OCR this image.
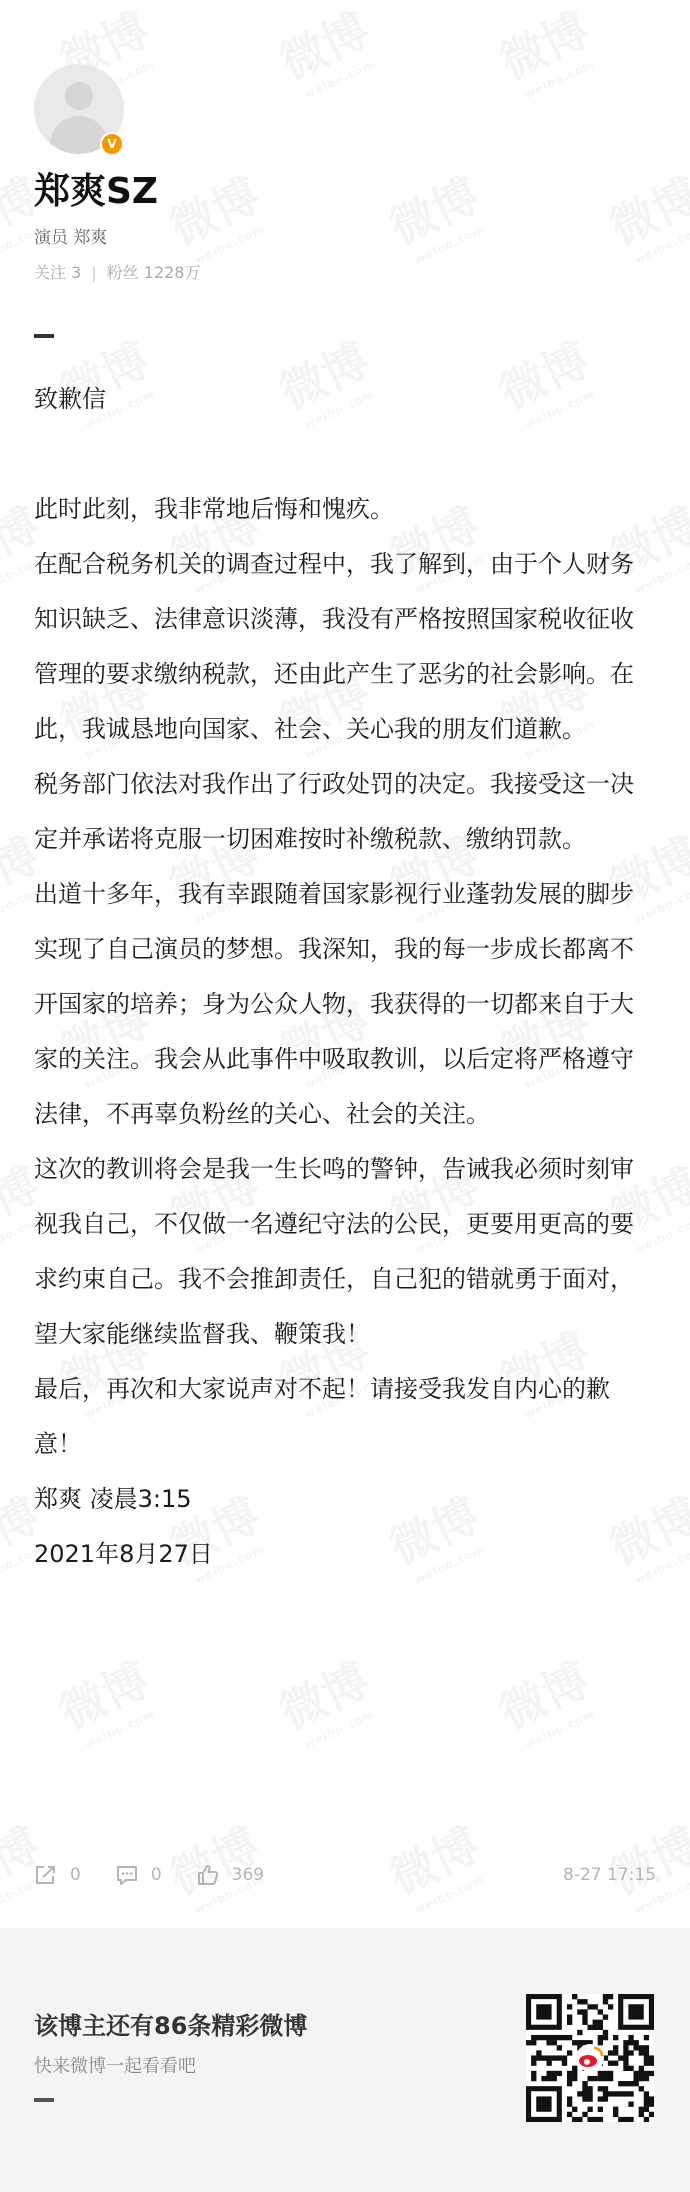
V
郑爽SZ
演员 郑爽
关注 3 | 粉丝 1228万

致歉信

此时此刻，我非常地后悔和愧疚。

在配合税务机关的调查过程中，我了解到，由于个人财务知识缺乏、法律意识淡薄，我没有严格按照国家税收征收管理的要求缴纳税款，还由此产生了恶劣的社会影响。在此，我诚恳地向国家、社会、关心我的朋友们道歉。

税务部门依法对我作出了行政处罚的决定。我接受这一决定并承诺将克服一切困难按时补缴税款、缴纳罚款。

出道十多年，我有幸跟随着国家影视行业蓬勃发展的脚步实现了自己演员的梦想。我深知，我的每一步成长都离不开国家的培养；身为公众人物，我获得的一切都来自于大家的关注。我会从此事件中吸取教训，以后定将严格遵守法律，不再辜负粉丝的关心、社会的关注。

这次的教训将会是我一生长鸣的警钟，告诫我必须时刻审视我自己，不仅做一名遵纪守法的公民，更要用更高的要求约束自己。我不会推卸责任，自己犯的错就勇于面对，望大家能继续监督我、鞭策我！

最后，再次和大家说声对不起！请接受我发自内心的歉意！

郑爽 凌晨3:15

2021年8月27日

0	0	369	8-27 17:15
该博主还有86条精彩微博
快来微博一起看看吧
